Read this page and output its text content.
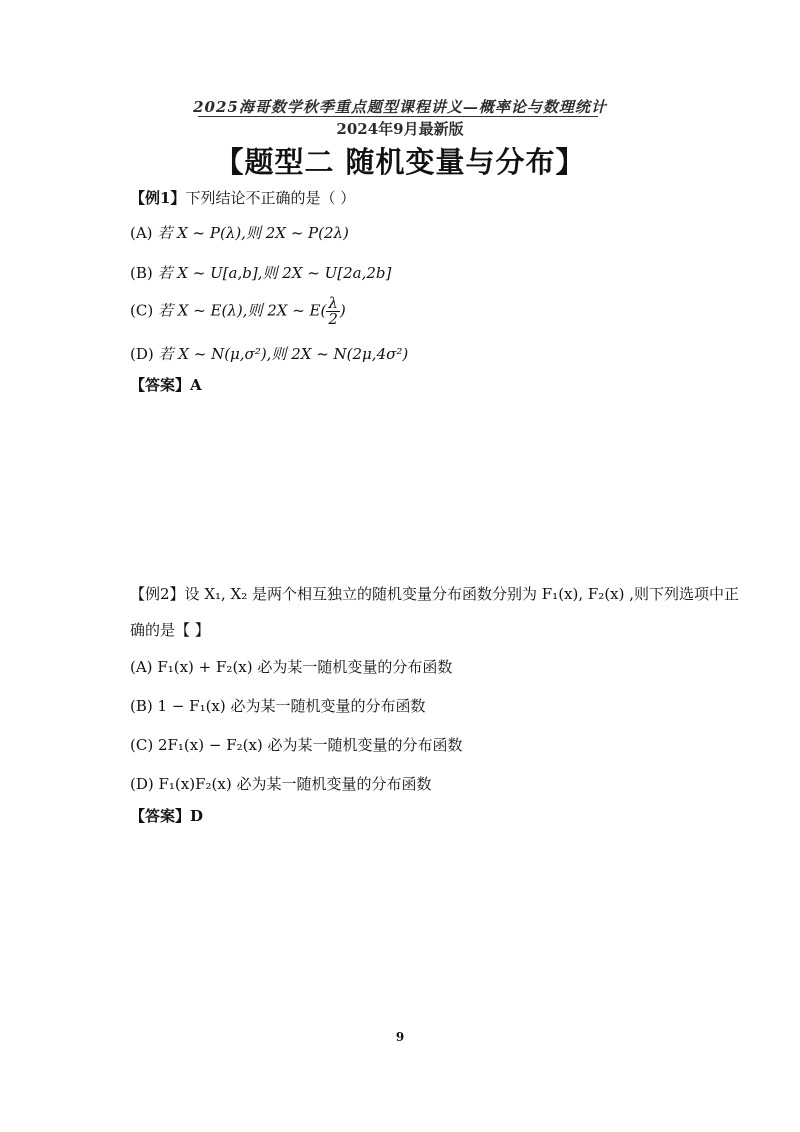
2025海哥数学秋季重点题型课程讲义—概率论与数理统计
2024年9月最新版
【题型二 随机变量与分布】
【例1】下列结论不正确的是（ ）
(A) 若 X ~ P(λ),则 2X ~ P(2λ)
(B) 若 X ~ U[a,b],则 2X ~ U[2a,2b]
(C) 若 X ~ E(λ),则 2X ~ $E( \frac{\lambda}{2}$ )
(D) 若 X ~ N(μ,σ²),则 2X ~ N(2μ,4σ²)
【答案】A
【例2】设 X₁, X₂ 是两个相互独立的随机变量分布函数分别为 F₁(x), F₂(x) ,则下列选项中正
确的是【 】
(A) F₁(x) + F₂(x) 必为某一随机变量的分布函数
(B) 1 − F₁(x) 必为某一随机变量的分布函数
(C) 2F₁(x) − F₂(x) 必为某一随机变量的分布函数
(D) F₁(x)F₂(x) 必为某一随机变量的分布函数
【答案】D
9
